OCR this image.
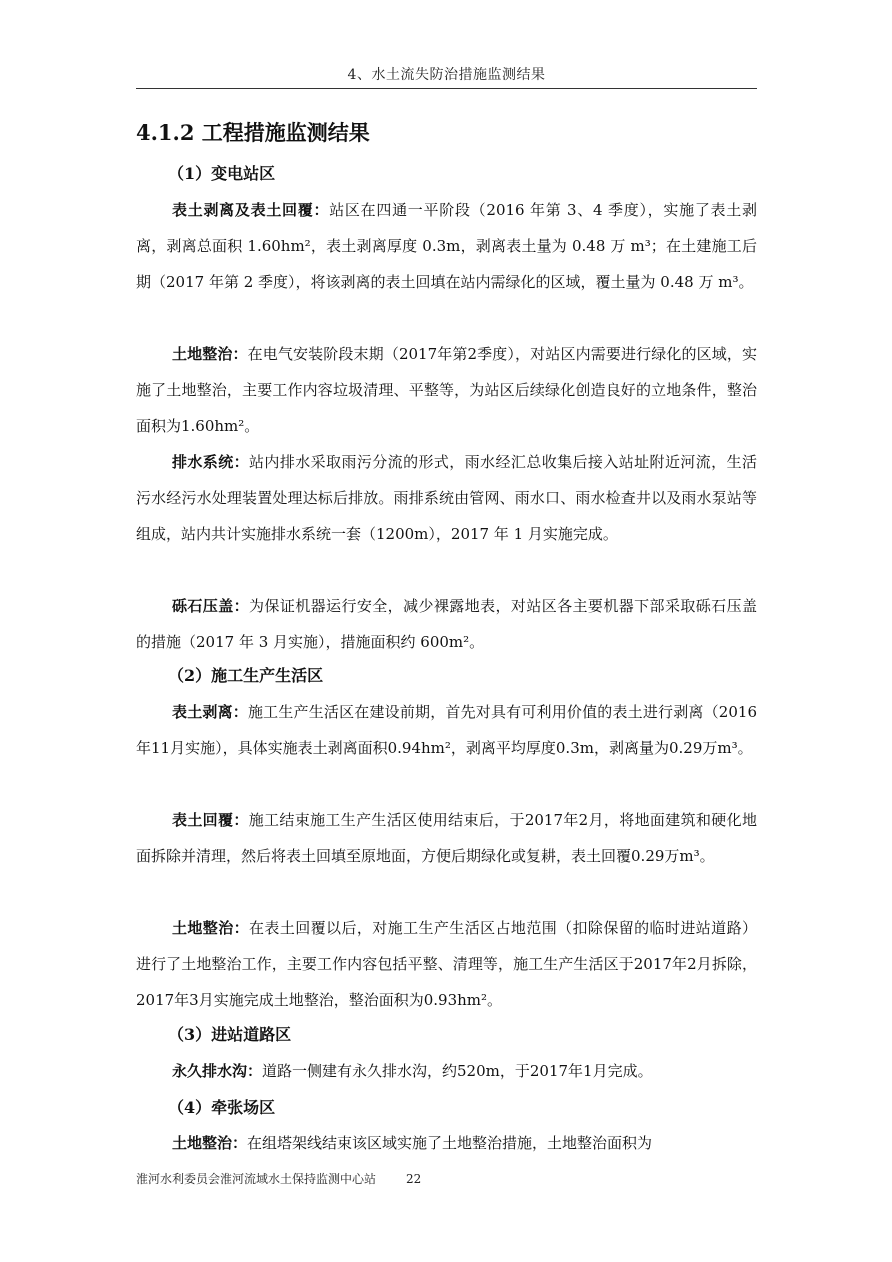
4、水土流失防治措施监测结果
4.1.2 工程措施监测结果
（1）变电站区

表土剥离及表土回覆：站区在四通一平阶段（2016 年第 3、4 季度），实施了表土剥离，剥离总面积 1.60hm²，表土剥离厚度 0.3m，剥离表土量为 0.48 万 m³；在土建施工后期（2017 年第 2 季度），将该剥离的表土回填在站内需绿化的区域，覆土量为 0.48 万 m³。

土地整治：在电气安装阶段末期（2017年第2季度），对站区内需要进行绿化的区域，实施了土地整治，主要工作内容垃圾清理、平整等，为站区后续绿化创造良好的立地条件，整治面积为1.60hm²。

排水系统：站内排水采取雨污分流的形式，雨水经汇总收集后接入站址附近河流，生活污水经污水处理装置处理达标后排放。雨排系统由管网、雨水口、雨水检查井以及雨水泵站等组成，站内共计实施排水系统一套（1200m），2017 年 1 月实施完成。

砾石压盖：为保证机器运行安全，减少裸露地表，对站区各主要机器下部采取砾石压盖的措施（2017 年 3 月实施），措施面积约 600m²。

（2）施工生产生活区

表土剥离：施工生产生活区在建设前期，首先对具有可利用价值的表土进行剥离（2016年11月实施），具体实施表土剥离面积0.94hm²，剥离平均厚度0.3m，剥离量为0.29万m³。

表土回覆：施工结束施工生产生活区使用结束后，于2017年2月，将地面建筑和硬化地面拆除并清理，然后将表土回填至原地面，方便后期绿化或复耕，表土回覆0.29万m³。

土地整治：在表土回覆以后，对施工生产生活区占地范围（扣除保留的临时进站道路）进行了土地整治工作，主要工作内容包括平整、清理等，施工生产生活区于2017年2月拆除，2017年3月实施完成土地整治，整治面积为0.93hm²。

（3）进站道路区

永久排水沟：道路一侧建有永久排水沟，约520m，于2017年1月完成。

（4）牵张场区

土地整治：在组塔架线结束该区域实施了土地整治措施，土地整治面积为

淮河水利委员会淮河流域水土保持监测中心站	22
